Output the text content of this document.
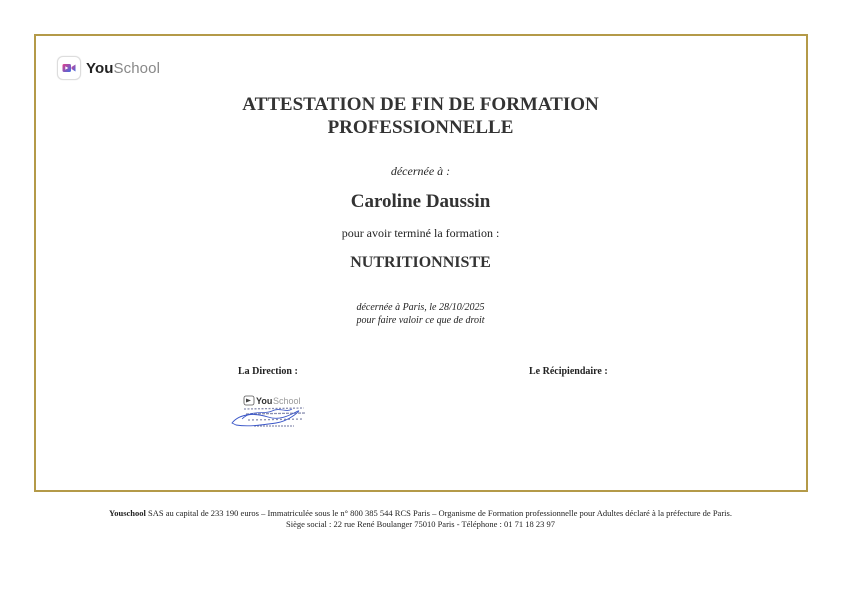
YouSchool
ATTESTATION DE FIN DE FORMATION
PROFESSIONNELLE
décernée à :
Caroline Daussin
pour avoir terminé la formation :
NUTRITIONNISTE
décernée à Paris, le 28/10/2025
pour faire valoir ce que de droit
La Direction :	Le Récipiendaire :
You School
Youschool SAS au capital de 233 190 euros – Immatriculée sous le n° 800 385 544 RCS Paris – Organisme de Formation professionnelle pour Adultes déclaré à la préfecture de Paris.
Siège social : 22 rue René Boulanger 75010 Paris - Téléphone : 01 71 18 23 97
